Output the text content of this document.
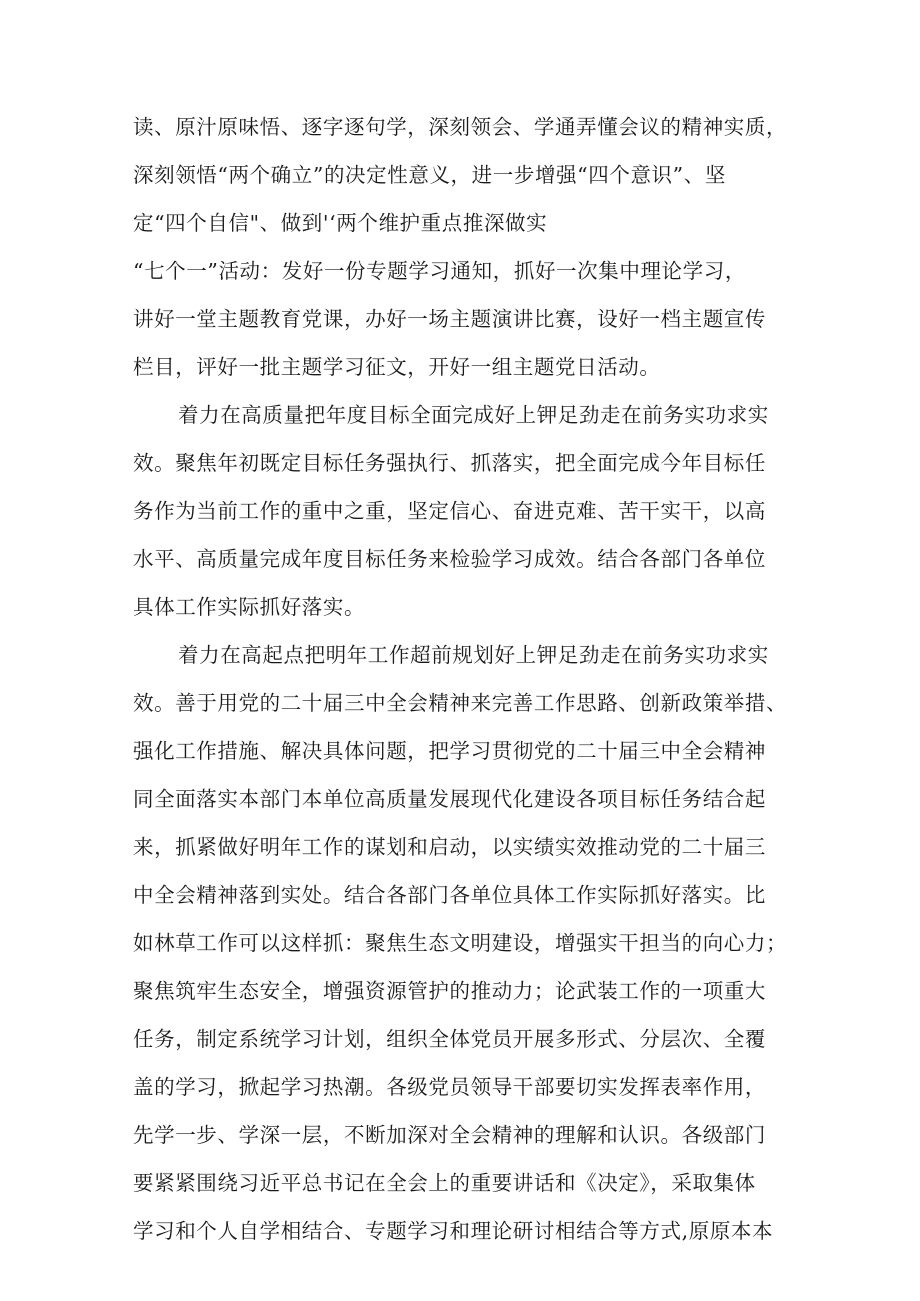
读、原汁原味悟、逐字逐句学，深刻领会、学通弄懂会议的精神实质，
深刻领悟“两个确立”的决定性意义，进一步增强“四个意识”、坚
定“四个自信"、做到'‘两个维护重点推深做实
“七个一”活动：发好一份专题学习通知，抓好一次集中理论学习，
讲好一堂主题教育党课，办好一场主题演讲比赛，设好一档主题宣传
栏目，评好一批主题学习征文，开好一组主题党日活动。
着力在高质量把年度目标全面完成好上钾足劲走在前务实功求实
效。聚焦年初既定目标任务强执行、抓落实，把全面完成今年目标任
务作为当前工作的重中之重，坚定信心、奋进克难、苦干实干，以高
水平、高质量完成年度目标任务来检验学习成效。结合各部门各单位
具体工作实际抓好落实。
着力在高起点把明年工作超前规划好上钾足劲走在前务实功求实
效。善于用党的二十届三中全会精神来完善工作思路、创新政策举措、
强化工作措施、解决具体问题，把学习贯彻党的二十届三中全会精神
同全面落实本部门本单位高质量发展现代化建设各项目标任务结合起
来，抓紧做好明年工作的谋划和启动，以实绩实效推动党的二十届三
中全会精神落到实处。结合各部门各单位具体工作实际抓好落实。比
如林草工作可以这样抓：聚焦生态文明建设，增强实干担当的向心力；
聚焦筑牢生态安全，增强资源管护的推动力；论武装工作的一项重大
任务，制定系统学习计划，组织全体党员开展多形式、分层次、全覆
盖的学习，掀起学习热潮。各级党员领导干部要切实发挥表率作用，
先学一步、学深一层，不断加深对全会精神的理解和认识。各级部门
要紧紧围绕习近平总书记在全会上的重要讲话和《决定》，采取集体
学习和个人自学相结合、专题学习和理论研讨相结合等方式,原原本本
